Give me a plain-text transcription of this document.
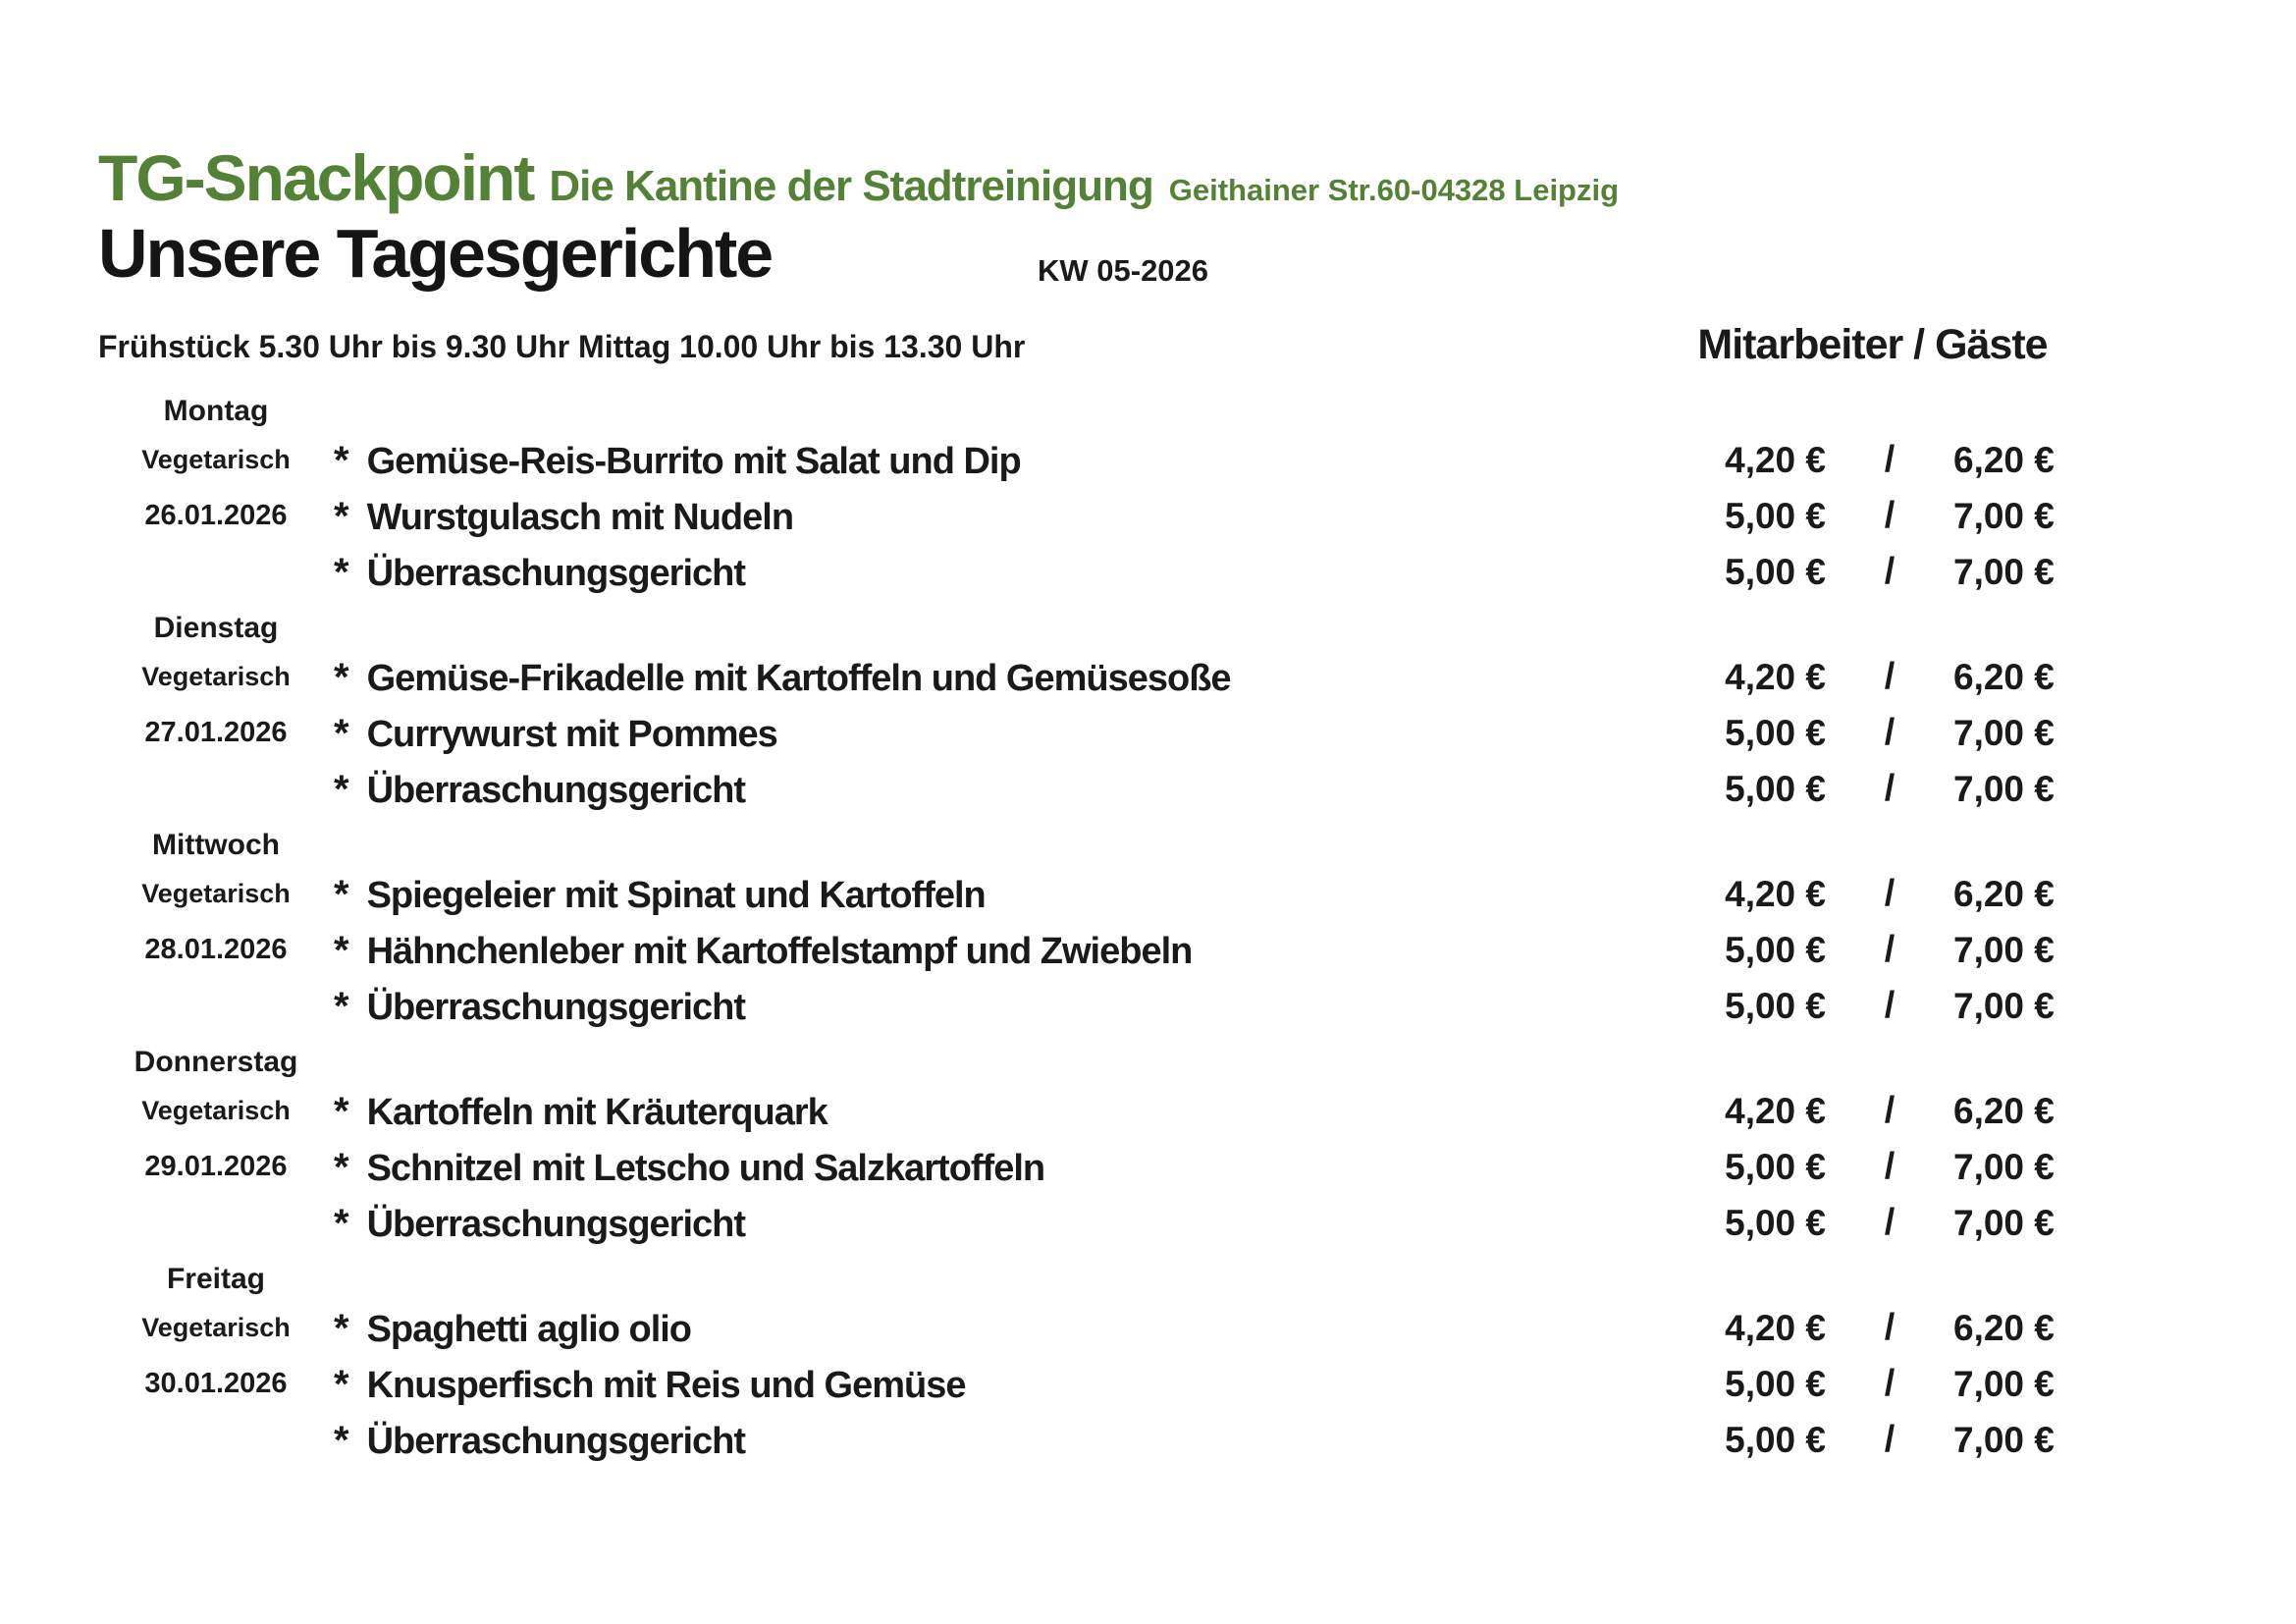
TG-Snackpoint Die Kantine der Stadtreinigung Geithainer Str.60-04328 Leipzig
Unsere Tagesgerichte	KW 05-2026
Frühstück 5.30 Uhr bis 9.30 Uhr Mittag 10.00 Uhr bis 13.30 Uhr	Mitarbeiter / Gäste
Montag
Vegetarisch	* Gemüse-Reis-Burrito mit Salat und Dip	4,20 €	/	6,20 €
26.01.2026	* Wurstgulasch mit Nudeln	5,00 €	/	7,00 €
* Überraschungsgericht	5,00 €	/	7,00 €
Dienstag
Vegetarisch	* Gemüse-Frikadelle mit Kartoffeln und Gemüsesoße	4,20 €	/	6,20 €
27.01.2026	* Currywurst mit Pommes	5,00 €	/	7,00 €
* Überraschungsgericht	5,00 €	/	7,00 €
Mittwoch
Vegetarisch	* Spiegeleier mit Spinat und Kartoffeln	4,20 €	/	6,20 €
28.01.2026	* Hähnchenleber mit Kartoffelstampf und Zwiebeln	5,00 €	/	7,00 €
* Überraschungsgericht	5,00 €	/	7,00 €
Donnerstag
Vegetarisch	* Kartoffeln mit Kräuterquark	4,20 €	/	6,20 €
29.01.2026	* Schnitzel mit Letscho und Salzkartoffeln	5,00 €	/	7,00 €
* Überraschungsgericht	5,00 €	/	7,00 €
Freitag
Vegetarisch	* Spaghetti aglio olio	4,20 €	/	6,20 €
30.01.2026	* Knusperfisch mit Reis und Gemüse	5,00 €	/	7,00 €
* Überraschungsgericht	5,00 €	/	7,00 €
